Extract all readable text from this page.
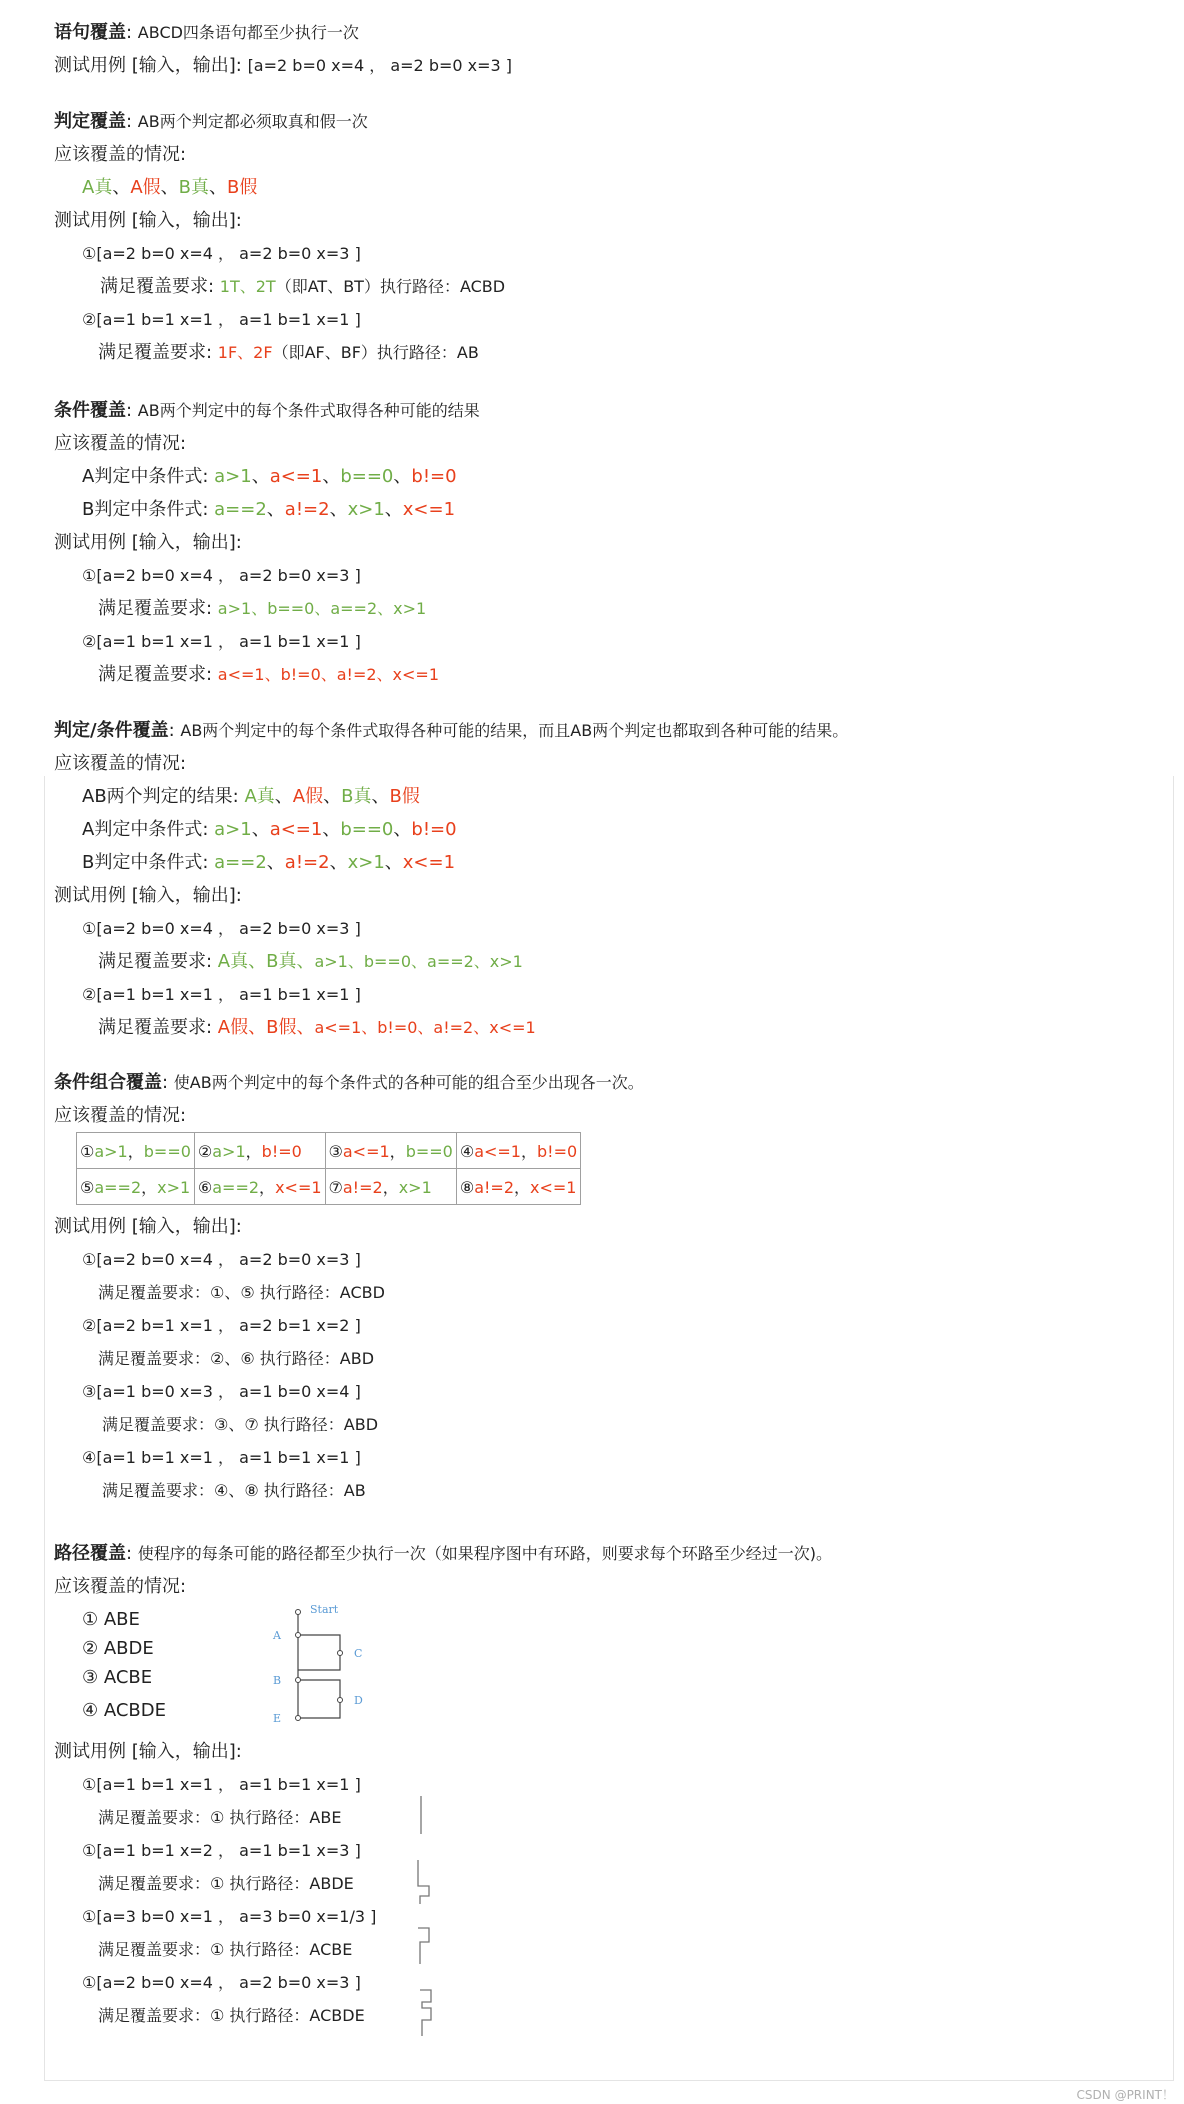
语句覆盖: ABCD四条语句都至少执行一次
测试用例 [输入，输出]: [a=2 b=0 x=4 ， a=2 b=0 x=3 ]
判定覆盖: AB两个判定都必须取真和假一次
应该覆盖的情况:
A真、A假、B真、B假
测试用例 [输入，输出]:
①[a=2 b=0 x=4 ， a=2 b=0 x=3 ]
满足覆盖要求: 1T、2T（即AT、BT）执行路径：ACBD
②[a=1 b=1 x=1 ， a=1 b=1 x=1 ]
满足覆盖要求: 1F、2F（即AF、BF）执行路径：AB
条件覆盖: AB两个判定中的每个条件式取得各种可能的结果
应该覆盖的情况:
A判定中条件式: a>1、a<=1、b==0、b!=0
B判定中条件式: a==2、a!=2、x>1、x<=1
测试用例 [输入，输出]:
①[a=2 b=0 x=4 ， a=2 b=0 x=3 ]
满足覆盖要求: a>1、b==0、a==2、x>1
②[a=1 b=1 x=1 ， a=1 b=1 x=1 ]
满足覆盖要求: a<=1、b!=0、a!=2、x<=1
判定/条件覆盖: AB两个判定中的每个条件式取得各种可能的结果，而且AB两个判定也都取到各种可能的结果。
应该覆盖的情况:
AB两个判定的结果: A真、A假、B真、B假
A判定中条件式: a>1、a<=1、b==0、b!=0
B判定中条件式: a==2、a!=2、x>1、x<=1
测试用例 [输入，输出]:
①[a=2 b=0 x=4 ， a=2 b=0 x=3 ]
满足覆盖要求: A真、B真、a>1、b==0、a==2、x>1
②[a=1 b=1 x=1 ， a=1 b=1 x=1 ]
满足覆盖要求: A假、B假、a<=1、b!=0、a!=2、x<=1
条件组合覆盖: 使AB两个判定中的每个条件式的各种可能的组合至少出现各一次。
应该覆盖的情况:
①a>1，b==0	②a>1，b!=0	③a<=1，b==0	④a<=1，b!=0
⑤a==2，x>1	⑥a==2，x<=1	⑦a!=2，x>1	⑧a!=2，x<=1
测试用例 [输入，输出]:
①[a=2 b=0 x=4 ， a=2 b=0 x=3 ]
满足覆盖要求：①、⑤ 执行路径：ACBD
②[a=2 b=1 x=1 ， a=2 b=1 x=2 ]
满足覆盖要求：②、⑥ 执行路径：ABD
③[a=1 b=0 x=3 ， a=1 b=0 x=4 ]
满足覆盖要求：③、⑦ 执行路径：ABD
④[a=1 b=1 x=1 ， a=1 b=1 x=1 ]
满足覆盖要求：④、⑧ 执行路径：AB
路径覆盖: 使程序的每条可能的路径都至少执行一次（如果程序图中有环路，则要求每个环路至少经过一次)。
应该覆盖的情况:
① ABE
② ABDE
③ ACBE
④ ACBDE
Start
A
C
B
D
E
测试用例 [输入，输出]:
①[a=1 b=1 x=1 ， a=1 b=1 x=1 ]
满足覆盖要求：① 执行路径：ABE
①[a=1 b=1 x=2 ， a=1 b=1 x=3 ]
满足覆盖要求：① 执行路径：ABDE
①[a=3 b=0 x=1 ， a=3 b=0 x=1/3 ]
满足覆盖要求：① 执行路径：ACBE
①[a=2 b=0 x=4 ， a=2 b=0 x=3 ]
满足覆盖要求：① 执行路径：ACBDE
CSDN @PRINT！
